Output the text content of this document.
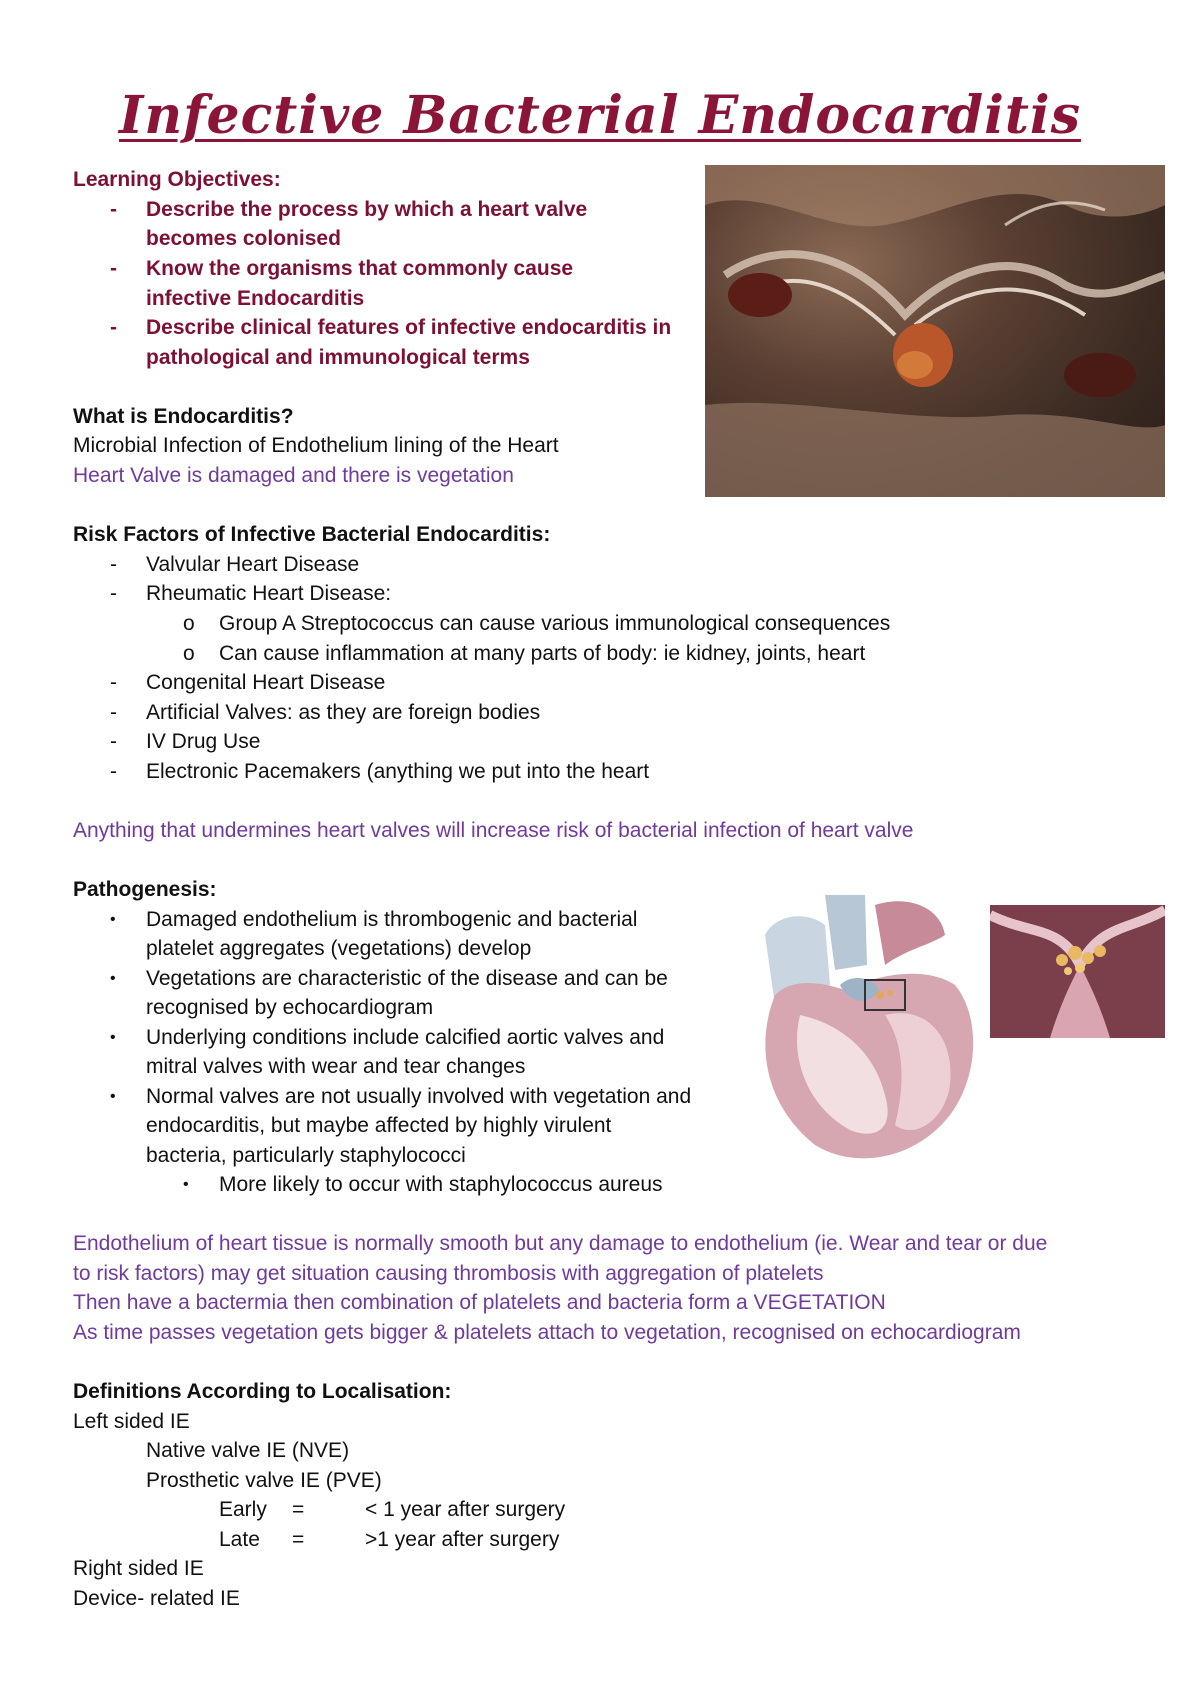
Infective Bacterial Endocarditis
Learning Objectives:
- Describe the process by which a heart valve
becomes colonised
- Know the organisms that commonly cause
infective Endocarditis
- Describe clinical features of infective endocarditis in
pathological and immunological terms
What is Endocarditis?
Microbial Infection of Endothelium lining of the Heart
Heart Valve is damaged and there is vegetation
Risk Factors of Infective Bacterial Endocarditis:
- Valvular Heart Disease
- Rheumatic Heart Disease:
o Group A Streptococcus can cause various immunological consequences
o Can cause inflammation at many parts of body: ie kidney, joints, heart
- Congenital Heart Disease
- Artificial Valves: as they are foreign bodies
- IV Drug Use
- Electronic Pacemakers (anything we put into the heart
Anything that undermines heart valves will increase risk of bacterial infection of heart valve
Pathogenesis:
• Damaged endothelium is thrombogenic and bacterial
platelet aggregates (vegetations) develop
• Vegetations are characteristic of the disease and can be
recognised by echocardiogram
• Underlying conditions include calcified aortic valves and
mitral valves with wear and tear changes
• Normal valves are not usually involved with vegetation and
endocarditis, but maybe affected by highly virulent
bacteria, particularly staphylococci
• More likely to occur with staphylococcus aureus
Endothelium of heart tissue is normally smooth but any damage to endothelium (ie. Wear and tear or due
to risk factors) may get situation causing thrombosis with aggregation of platelets
Then have a bactermia then combination of platelets and bacteria form a VEGETATION
As time passes vegetation gets bigger & platelets attach to vegetation, recognised on echocardiogram
Definitions According to Localisation:
Left sided IE
Native valve IE (NVE)
Prosthetic valve IE (PVE)
Early =	< 1 year after surgery
Late =	>1 year after surgery
Right sided IE
Device- related IE
